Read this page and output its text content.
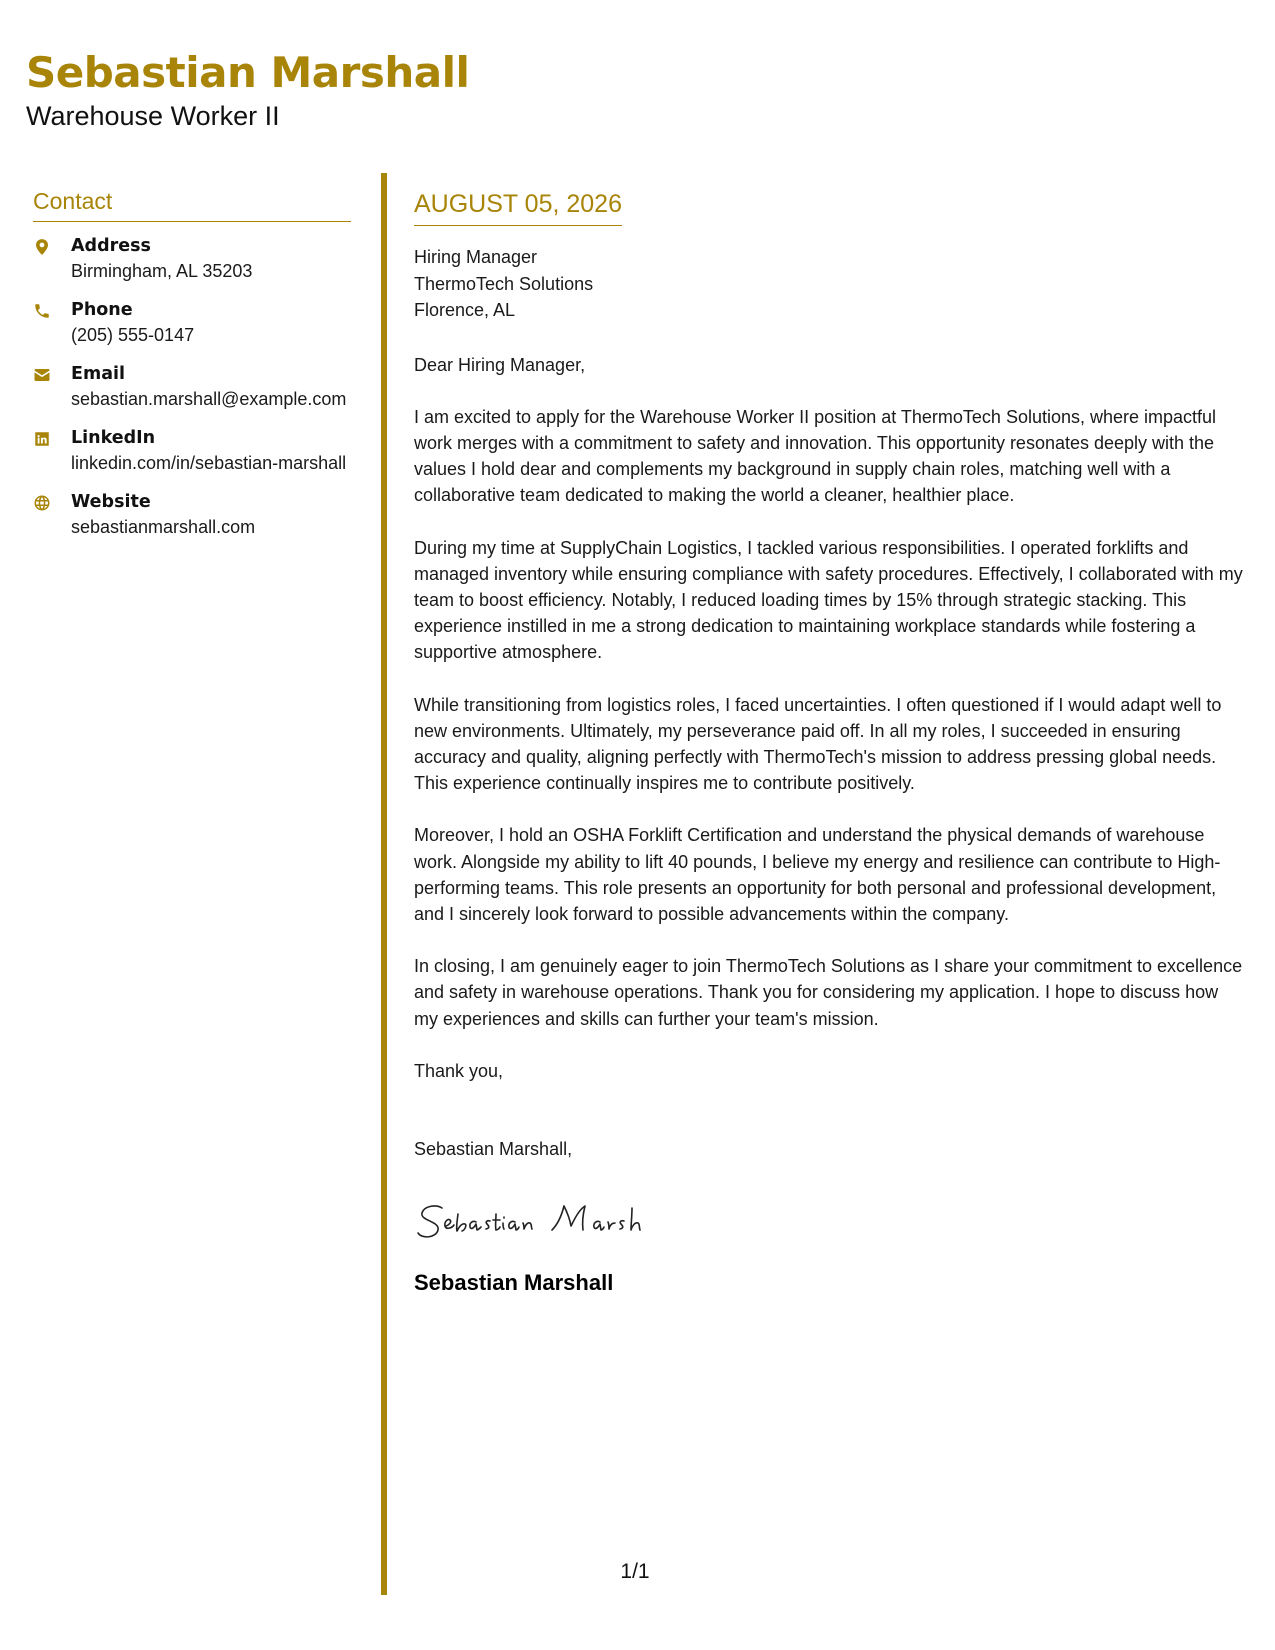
Sebastian Marshall
Warehouse Worker II
Contact
Address
Birmingham, AL 35203
Phone
(205) 555-0147
Email
sebastian.marshall@example.com
LinkedIn
linkedin.com/in/sebastian-marshall
Website
sebastianmarshall.com
AUGUST 05, 2026
Hiring Manager
ThermoTech Solutions
Florence, AL
Dear Hiring Manager,
I am excited to apply for the Warehouse Worker II position at ThermoTech Solutions, where impactful work merges with a commitment to safety and innovation. This opportunity resonates deeply with the values I hold dear and complements my background in supply chain roles, matching well with a collaborative team dedicated to making the world a cleaner, healthier place.
During my time at SupplyChain Logistics, I tackled various responsibilities. I operated forklifts and managed inventory while ensuring compliance with safety procedures. Effectively, I collaborated with my team to boost efficiency. Notably, I reduced loading times by 15% through strategic stacking. This experience instilled in me a strong dedication to maintaining workplace standards while fostering a supportive atmosphere.
While transitioning from logistics roles, I faced uncertainties. I often questioned if I would adapt well to new environments. Ultimately, my perseverance paid off. In all my roles, I succeeded in ensuring accuracy and quality, aligning perfectly with ThermoTech's mission to address pressing global needs. This experience continually inspires me to contribute positively.
Moreover, I hold an OSHA Forklift Certification and understand the physical demands of warehouse work. Alongside my ability to lift 40 pounds, I believe my energy and resilience can contribute to High-performing teams. This role presents an opportunity for both personal and professional development, and I sincerely look forward to possible advancements within the company.
In closing, I am genuinely eager to join ThermoTech Solutions as I share your commitment to excellence and safety in warehouse operations. Thank you for considering my application. I hope to discuss how my experiences and skills can further your team's mission.
Thank you,
Sebastian Marshall,
Sebastian Marshall
1/1
